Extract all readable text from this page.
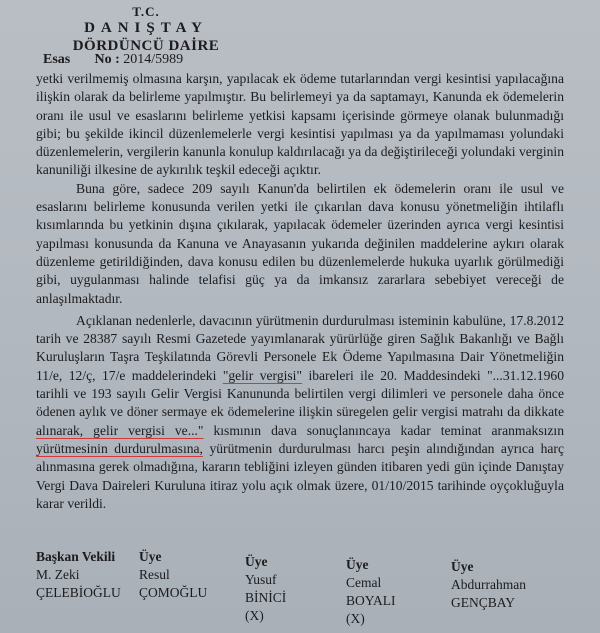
T.C.
DANIŞTAY
DÖRDÜNCÜ DAİRE
Esas No : 2014/5989

yetki verilmemiş olmasına karşın, yapılacak ek ödeme tutarlarından vergi kesintisi yapılacağına ilişkin olarak da belirleme yapılmıştır. Bu belirlemeyi ya da saptamayı, Kanunda ek ödemelerin oranı ile usul ve esaslarını belirleme yetkisi kapsamı içerisinde görmeye olanak bulunmadığı gibi; bu şekilde ikincil düzenlemelerle vergi kesintisi yapılması ya da yapılmaması yolundaki düzenlemelerin, vergilerin kanunla konulup kaldırılacağı ya da değiştirileceği yolundaki verginin kanuniliği ilkesine de aykırılık teşkil edeceği açıktır.

Buna göre, sadece 209 sayılı Kanun'da belirtilen ek ödemelerin oranı ile usul ve esaslarını belirleme konusunda verilen yetki ile çıkarılan dava konusu yönetmeliğin ihtilaflı kısımlarında bu yetkinin dışına çıkılarak, yapılacak ödemeler üzerinden ayrıca vergi kesintisi yapılması konusunda da Kanuna ve Anayasanın yukarıda değinilen maddelerine aykırı olarak düzenleme getirildiğinden, dava konusu edilen bu düzenlemelerde hukuka uyarlık görülmediği gibi, uygulanması halinde telafisi güç ya da imkansız zararlara sebebiyet vereceği de anlaşılmaktadır.

Açıklanan nedenlerle, davacının yürütmenin durdurulması isteminin kabulüne, 17.8.2012 tarih ve 28387 sayılı Resmi Gazetede yayımlanarak yürürlüğe giren Sağlık Bakanlığı ve Bağlı Kuruluşların Taşra Teşkilatında Görevli Personele Ek Ödeme Yapılmasına Dair Yönetmeliğin 11/e, 12/ç, 17/e maddelerindeki "gelir vergisi" ibareleri ile 20. Maddesindeki "...31.12.1960 tarihli ve 193 sayılı Gelir Vergisi Kanununda belirtilen vergi dilimleri ve personele daha önce ödenen aylık ve döner sermaye ek ödemelerine ilişkin süregelen gelir vergisi matrahı da dikkate alınarak, gelir vergisi ve..." kısmının dava sonuçlanıncaya kadar teminat aranmaksızın yürütmesinin durdurulmasına, yürütmenin durdurulması harcı peşin alındığından ayrıca harç alınmasına gerek olmadığına, kararın tebliğini izleyen günden itibaren yedi gün içinde Danıştay Vergi Dava Daireleri Kuruluna itiraz yolu açık olmak üzere, 01/10/2015 tarihinde oyçokluğuyla karar verildi.

Başkan Vekili
M. Zeki
ÇELEBİOĞLU
Üye
Resul
ÇOMOĞLU
Üye
Yusuf
BİNİCİ
(X)
Üye
Cemal
BOYALI
(X)
Üye
Abdurrahman
GENÇBAY
